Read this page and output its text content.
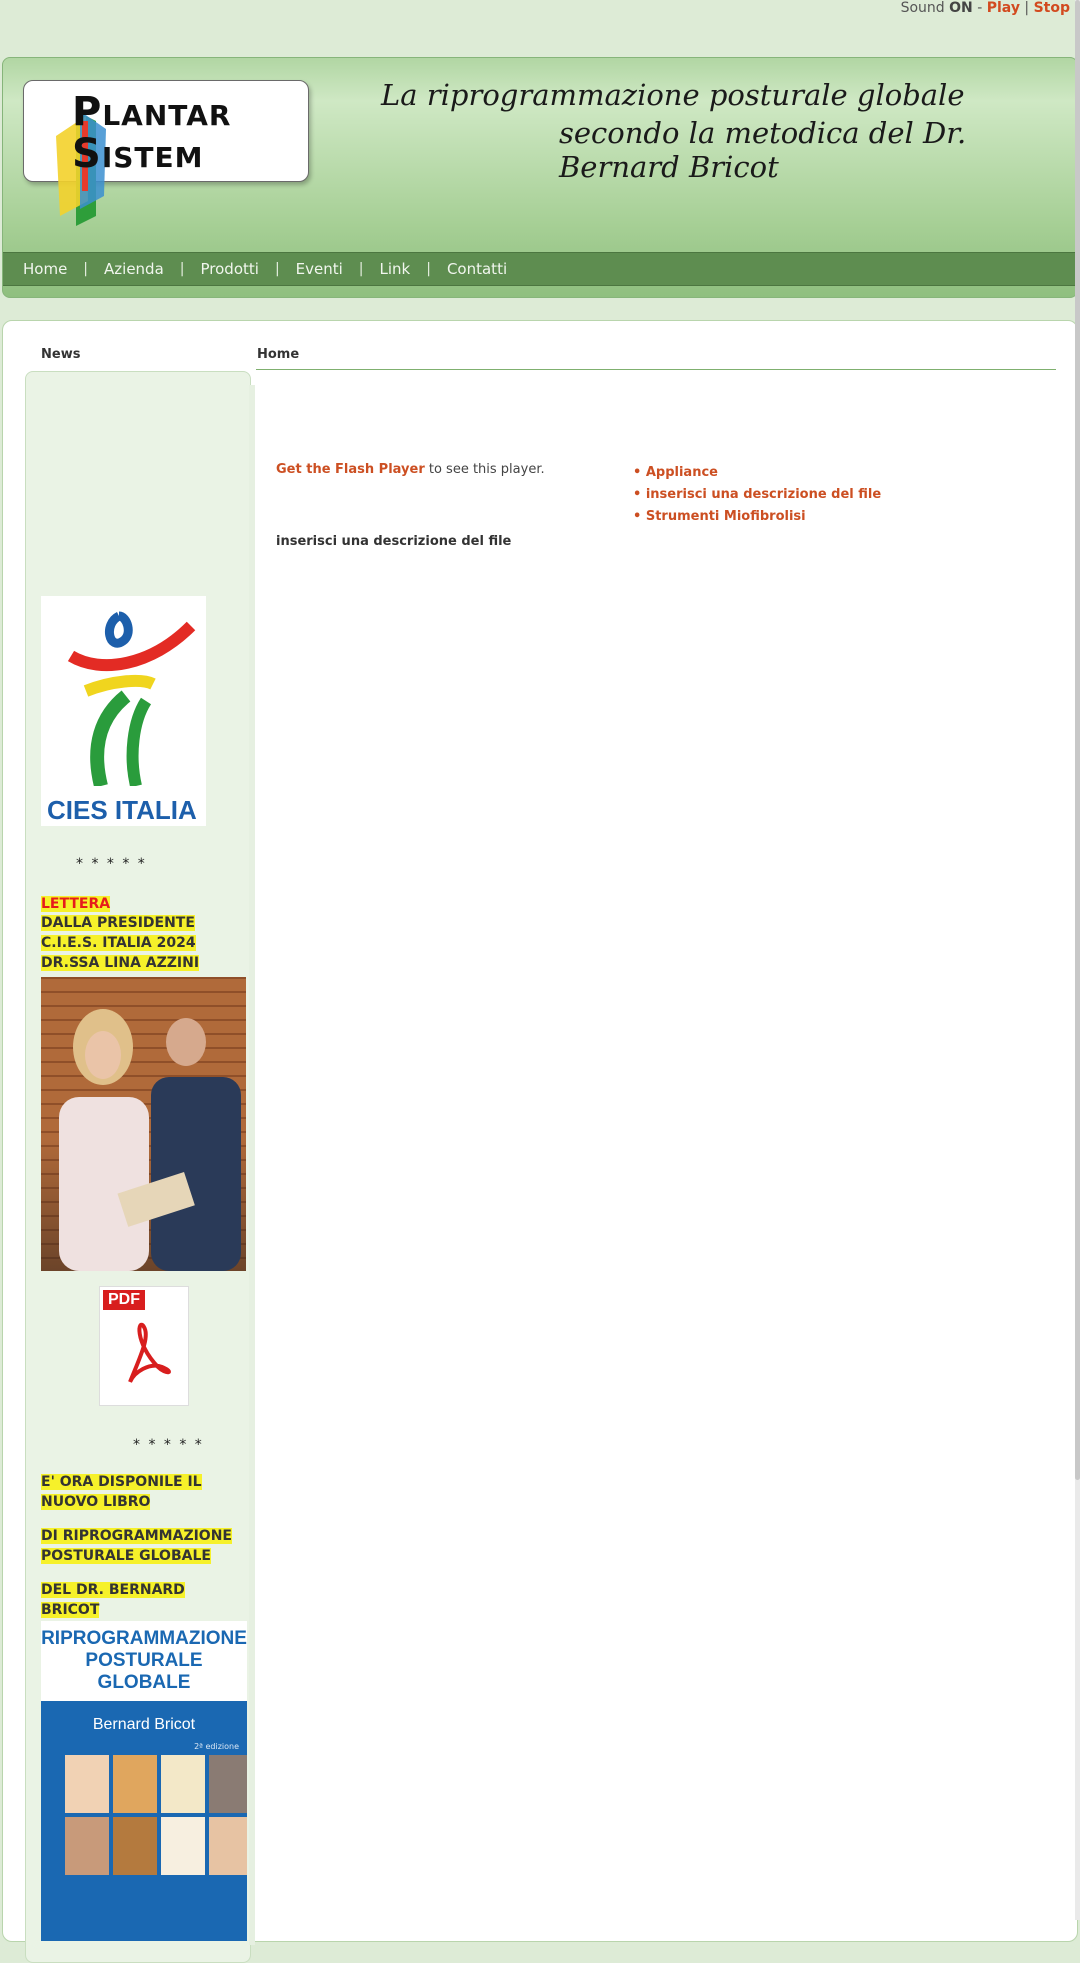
Sound ON - Play | Stop
PLANTAR
SISTEM
La riprogrammazione posturale globale
secondo la metodica del Dr. Bernard Bricot
Home	|	Azienda	|	Prodotti	|	Eventi	|	Link	|	Contatti
News	Home
CIES ITALIA
* * * * *
LETTERA
DALLA PRESIDENTE
C.I.E.S. ITALIA 2024
DR.SSA LINA AZZINI
PDF
* * * * *
E' ORA DISPONILE IL
NUOVO LIBRO
DI RIPROGRAMMAZIONE
POSTURALE GLOBALE
DEL DR. BERNARD
BRICOT
RIPROGRAMMAZIONE
POSTURALE GLOBALE
Bernard Bricot
2ª edizione
Get the Flash Player to see this player.	• Appliance
• inserisci una descrizione del file
• Strumenti Miofibrolisi
inserisci una descrizione del file
